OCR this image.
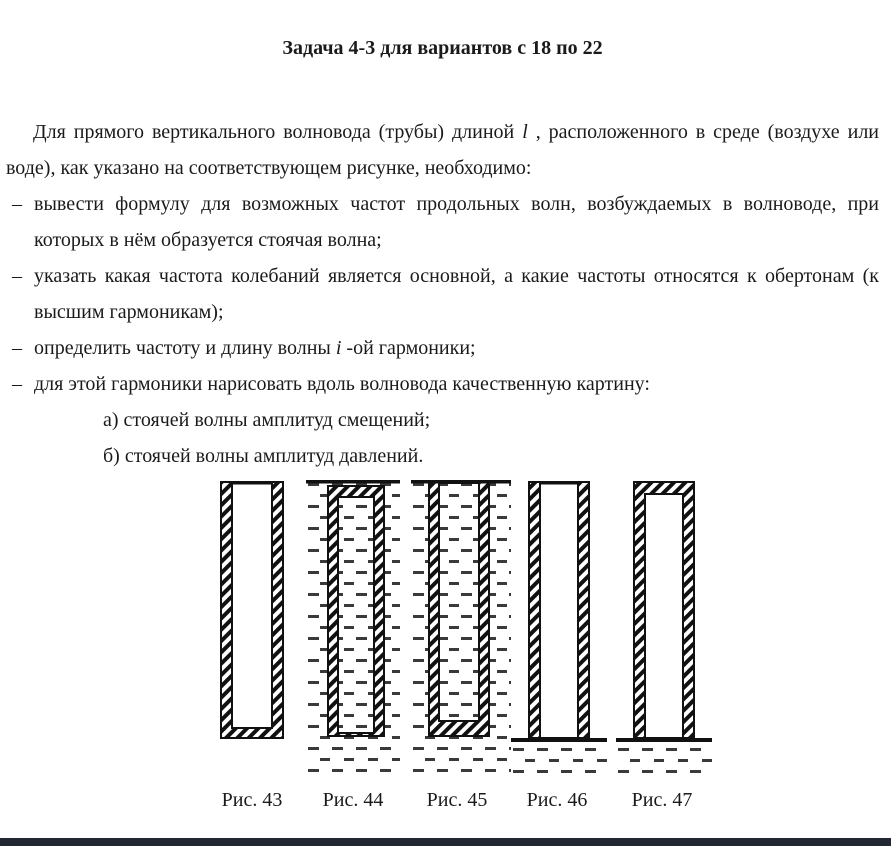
Задача 4-3 для вариантов с 18 по 22

Для прямого вертикального волновода (трубы) длиной l , расположенного в среде (воздухе или воде), как указано на соответствующем рисунке, необходимо:

– вывести формулу для возможных частот продольных волн, возбуждаемых в волноводе, при которых в нём образуется стоячая волна;
– указать какая частота колебаний является основной, а какие частоты относятся к обертонам (к высшим гармоникам);
– определить частоту и длину волны i -ой гармоники;
– для этой гармоники нарисовать вдоль волновода качественную картину:

а) стоячей волны амплитуд смещений;

б) стоячей волны амплитуд давлений.

Рис. 43	Рис. 44	Рис. 45	Рис. 46	Рис. 47
